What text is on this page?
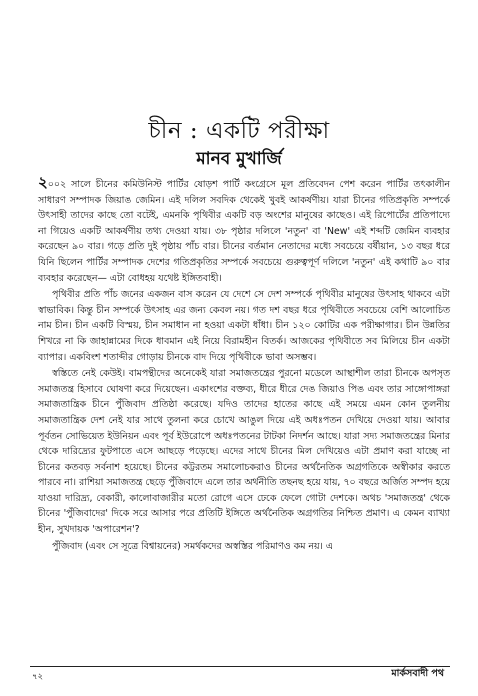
চীন : একটি পরীক্ষা
মানব মুখার্জি

২০০২ সালে চীনের কমিউনিস্ট পার্টির ষোড়শ পার্টি কংগ্রেসে মূল প্রতিবেদন পেশ করেন পার্টির তৎকালীন সাধারণ সম্পাদক জিয়াঙ জেমিন। এই দলিল সবদিক থেকেই খুবই আকর্ষণীয়। যারা চীনের গতিপ্রকৃতি সম্পর্কে উৎসাহী তাদের কাছে তো বটেই, এমনকি পৃথিবীর একটি বড় অংশের মানুষের কাছেও। এই রিপোর্টের প্রতিপাদ্যে না গিয়েও একটি আকর্ষণীয় তথ্য দেওয়া যায়। ৩৮ পৃষ্ঠার দলিলে 'নতুন' বা 'New' এই শব্দটি জেমিন ব্যবহার করেছেন ৯০ বার। গড়ে প্রতি দুই পৃষ্ঠায় পাঁচ বার। চীনের বর্তমান নেতাদের মধ্যে সবচেয়ে বর্ষীয়ান, ১৩ বছর ধরে যিনি ছিলেন পার্টির সম্পাদক দেশের গতিপ্রকৃতির সম্পর্কে সবচেয়ে গুরুত্বপূর্ণ দলিলে 'নতুন' এই কথাটি ৯০ বার ব্যবহার করেছেন— এটা বোধহয় যথেষ্ট ইঙ্গিতবাহী।

পৃথিবীর প্রতি পাঁচ জনের একজন বাস করেন যে দেশে সে দেশ সম্পর্কে পৃথিবীর মানুষের উৎসাহ থাকবে এটা স্বাভাবিক। কিন্তু চীন সম্পর্কে উৎসাহ এর জন্য কেবল নয়। গত দশ বছর ধরে পৃথিবীতে সবচেয়ে বেশি আলোচিত নাম চীন। চীন একটি বিস্ময়, চীন সমাধান না হওয়া একটা ধাঁধা। চীন ১২০ কোটির এক পরীক্ষাগার। চীন উন্নতির শিখরে না কি জাহান্নামের দিকে ধাবমান এই নিয়ে বিরামহীন বিতর্ক। আজকের পৃথিবীতে সব মিলিয়ে চীন একটা ব্যাপার। একবিংশ শতাব্দীর গোড়ায় চীনকে বাদ দিয়ে পৃথিবীকে ভাবা অসম্ভব।

স্বস্তিতে নেই কেউই। বামপন্থীদের অনেকেই যারা সমাজতন্ত্রের পুরনো মডেলে আস্থাশীল তারা চীনকে অপসৃত সমাজতন্ত্র হিসাবে ঘোষণা করে দিয়েছেন। একাংশের বক্তব্য, ধীরে ধীরে দেঙ জিয়াও পিঙ এবং তার সাঙ্গোপাঙ্গরা সমাজতান্ত্রিক চীনে পুঁজিবাদ প্রতিষ্ঠা করেছে। যদিও তাদের হাতের কাছে এই সময়ে এমন কোন তুলনীয় সমাজতান্ত্রিক দেশ নেই যার সাথে তুলনা করে চোখে আঙুল দিয়ে এই অধঃপতন দেখিয়ে দেওয়া যায়। আবার পূর্বতন সোভিয়েত ইউনিয়ন এবং পূর্ব ইউরোপে অধঃপতনের টাটকা নিদর্শন আছে। যারা সদ্য সমাজতন্ত্রের মিনার থেকে দারিদ্র্যের ফুটপাতে এসে আছড়ে পড়েছে। এদের সাথে চীনের মিল দেখিয়েও এটা প্রমাণ করা যাচ্ছে না চীনের কতবড় সর্বনাশ হয়েছে। চীনের কট্টরতম সমালোচকরাও চীনের অর্থনৈতিক অগ্রগতিকে অস্বীকার করতে পারবে না। রাশিয়া সমাজতন্ত্র ছেড়ে পুঁজিবাদে এলে তার অর্থনীতি তছনছ হয়ে যায়, ৭০ বছরে অর্জিত সম্পদ হয়ে যাওয়া দারিদ্র্য, বেকারী, কালোবাজারীর মতো রোগে এসে ঢেকে ফেলে গোটা দেশকে। অথচ 'সমাজতন্ত্র' থেকে চীনের 'পুঁজিবাদের' দিকে সরে আসার পরে প্রতিটি ইঙ্গিতে অর্থনৈতিক অগ্রগতির নিশ্চিত প্রমাণ। এ কেমন ব্যাখ্যা হীন, সুখদায়ক 'অপারেশন'?

পুঁজিবাদ (এবং সে সূত্রে বিশ্বায়নের) সমর্থকদের অস্বস্তির পরিমাণও কম নয়। এ

৭২	মার্কসবাদী পথ
